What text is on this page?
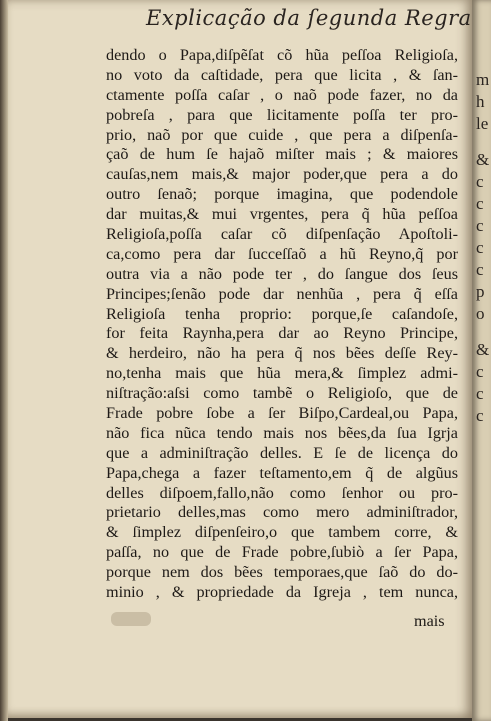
Explicação da ſegunda Regra
dendo o Papa,diſpẽſat cõ hũa peſſoa Religioſa,
no voto da caſtidade, pera que licita , & ſan-
ctamente poſſa caſar , o naõ pode fazer, no da
pobreſa , para que licitamente poſſa ter pro-
prio, naõ por que cuide , que pera a diſpenſa-
çaõ de hum ſe hajaõ miſter mais ; & maiores
cauſas,nem mais,& major poder,que pera a do
outro ſenaõ; porque imagina, que podendole
dar muitas,& mui vrgentes, pera q̃ hũa peſſoa
Religioſa,poſſa caſar cõ diſpenſação Apoſtoli-
ca,como pera dar ſucceſſaõ a hũ Reyno,q̃ por
outra via a não pode ter , do ſangue dos ſeus
Principes;ſenão pode dar nenhũa , pera q̃ eſſa
Religioſa tenha proprio: porque,ſe caſandoſe,
for feita Raynha,pera dar ao Reyno Principe,
& herdeiro, não ha pera q̃ nos bẽes deſſe Rey-
no,tenha mais que hũa mera,& ſimplez admi-
niſtração:aſsi como tambẽ o Religioſo, que de
Frade pobre ſobe a ſer Biſpo,Cardeal,ou Papa,
não fica nũca tendo mais nos bẽes,da ſua Igrja
que a adminiſtração delles. E ſe de licença do
Papa,chega a fazer teſtamento,em q̃ de algũus
delles diſpoem,fallo,não como ſenhor ou pro-
prietario delles,mas como mero adminiſtrador,
& ſimplez diſpenſeiro,o que tambem corre, &
paſſa, no que de Frade pobre,ſubiò a ſer Papa,
porque nem dos bẽes temporaes,que ſaõ do do-
minio , & propriedade da Igreja , tem nunca,
mais
m
h
le
&
c
c
c
c
c
p
o
&
c
c
c
